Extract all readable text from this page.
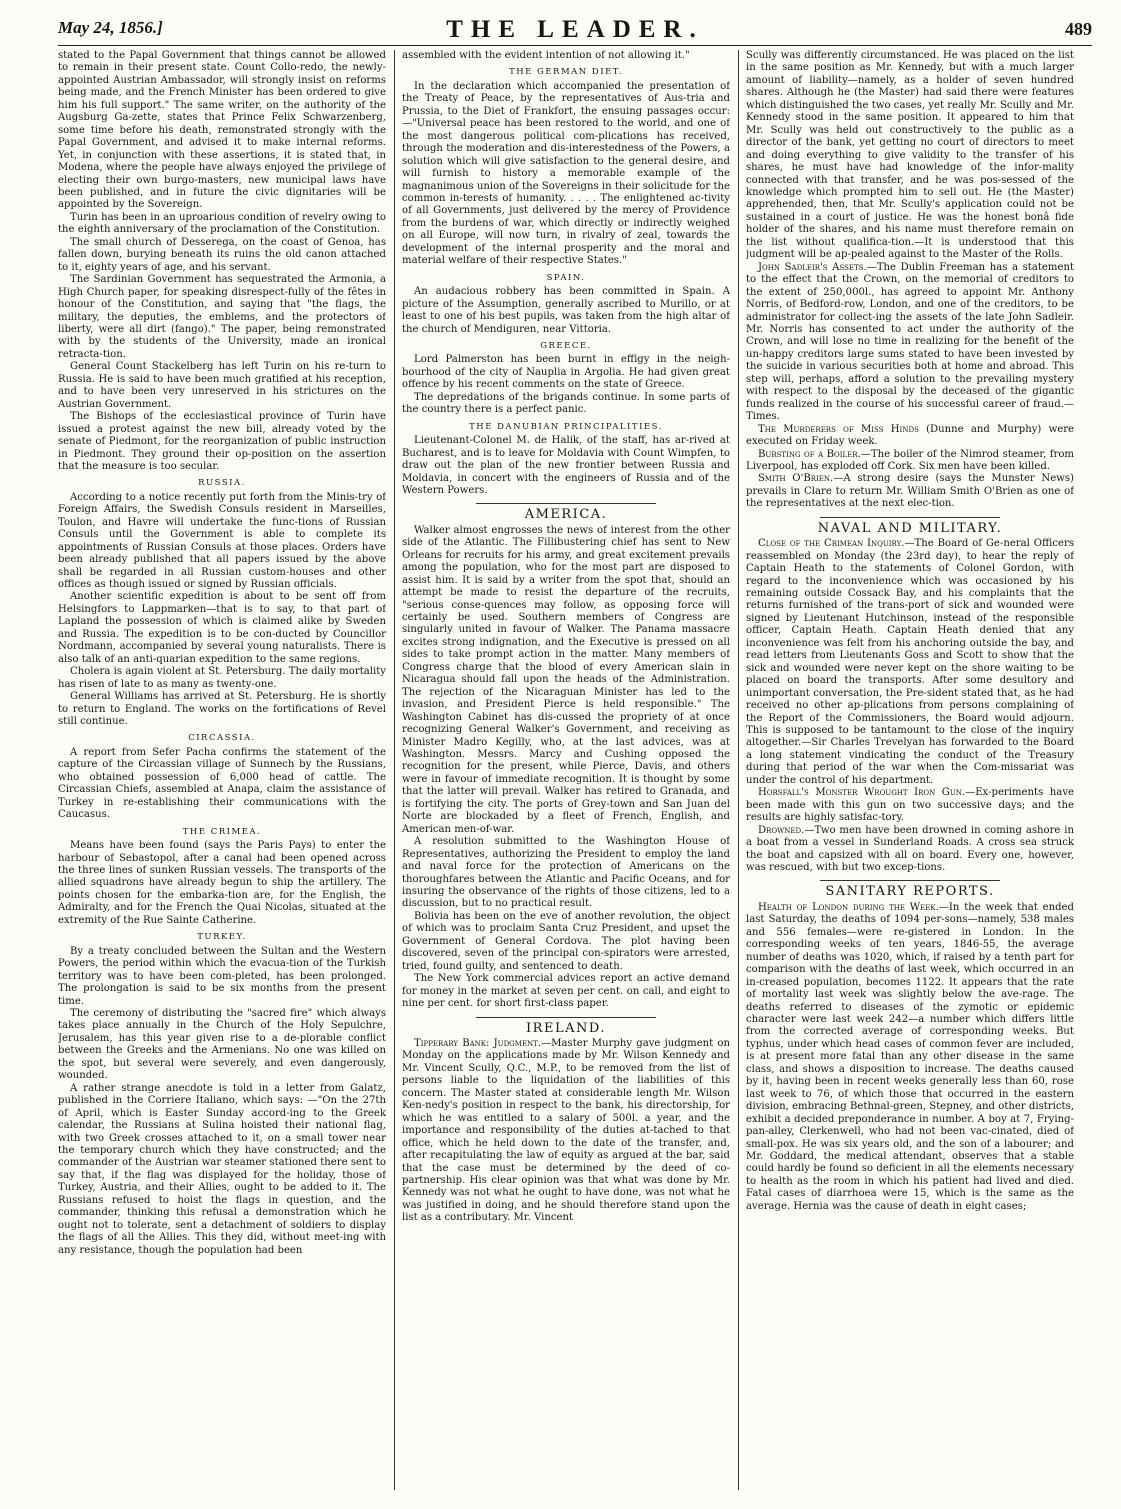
May 24, 1856.]	THE LEADER.	489

stated to the Papal Government that things cannot be allowed to remain in their present state. Count Collo-redo, the newly-appointed Austrian Ambassador, will strongly insist on reforms being made, and the French Minister has been ordered to give him his full support." The same writer, on the authority of the Augsburg Ga-zette, states that Prince Felix Schwarzenberg, some time before his death, remonstrated strongly with the Papal Government, and advised it to make internal reforms. Yet, in conjunction with these assertions, it is stated that, in Modena, where the people have always enjoyed the privilege of electing their own burgo-masters, new municipal laws have been published, and in future the civic dignitaries will be appointed by the Sovereign.

Turin has been in an uproarious condition of revelry owing to the eighth anniversary of the proclamation of the Constitution.

The small church of Desserega, on the coast of Genoa, has fallen down, burying beneath its ruins the old canon attached to it, eighty years of age, and his servant.

The Sardinian Government has sequestrated the Armonia, a High Church paper, for speaking disrespect-fully of the fêtes in honour of the Constitution, and saying that "the flags, the military, the deputies, the emblems, and the protectors of liberty, were all dirt (fango)." The paper, being remonstrated with by the students of the University, made an ironical retracta-tion.

General Count Stackelberg has left Turin on his re-turn to Russia. He is said to have been much gratified at his reception, and to have been very unreserved in his strictures on the Austrian Government.

The Bishops of the ecclesiastical province of Turin have issued a protest against the new bill, already voted by the senate of Piedmont, for the reorganization of public instruction in Piedmont. They ground their op-position on the assertion that the measure is too secular.

RUSSIA.

According to a notice recently put forth from the Minis-try of Foreign Affairs, the Swedish Consuls resident in Marseilles, Toulon, and Havre will undertake the func-tions of Russian Consuls until the Government is able to complete its appointments of Russian Consuls at those places. Orders have been already published that all papers issued by the above shall be regarded in all Russian custom-houses and other offices as though issued or signed by Russian officials.

Another scientific expedition is about to be sent off from Helsingfors to Lappmarken—that is to say, to that part of Lapland the possession of which is claimed alike by Sweden and Russia. The expedition is to be con-ducted by Councillor Nordmann, accompanied by several young naturalists. There is also talk of an anti-quarian expedition to the same regions.

Cholera is again violent at St. Petersburg. The daily mortality has risen of late to as many as twenty-one.

General Williams has arrived at St. Petersburg. He is shortly to return to England. The works on the fortifications of Revel still continue.

CIRCASSIA.

A report from Sefer Pacha confirms the statement of the capture of the Circassian village of Sunnech by the Russians, who obtained possession of 6,000 head of cattle. The Circassian Chiefs, assembled at Anapa, claim the assistance of Turkey in re-establishing their communications with the Caucasus.

THE CRIMEA.

Means have been found (says the Paris Pays) to enter the harbour of Sebastopol, after a canal had been opened across the three lines of sunken Russian vessels. The transports of the allied squadrons have already begun to ship the artillery. The points chosen for the embarka-tion are, for the English, the Admiralty, and for the French the Quai Nicolas, situated at the extremity of the Rue Sainte Catherine.

TURKEY.

By a treaty concluded between the Sultan and the Western Powers, the period within which the evacua-tion of the Turkish territory was to have been com-pleted, has been prolonged. The prolongation is said to be six months from the present time.

The ceremony of distributing the "sacred fire" which always takes place annually in the Church of the Holy Sepulchre, Jerusalem, has this year given rise to a de-plorable conflict between the Greeks and the Armenians. No one was killed on the spot, but several were severely, and even dangerously, wounded.

A rather strange anecdote is told in a letter from Galatz, published in the Corriere Italiano, which says: —"On the 27th of April, which is Easter Sunday accord-ing to the Greek calendar, the Russians at Sulina hoisted their national flag, with two Greek crosses attached to it, on a small tower near the temporary church which they have constructed; and the commander of the Austrian war steamer stationed there sent to say that, if the flag was displayed for the holiday, those of Turkey, Austria, and their Allies, ought to be added to it. The Russians refused to hoist the flags in question, and the commander, thinking this refusal a demonstration which he ought not to tolerate, sent a detachment of soldiers to display the flags of all the Allies. This they did, without meet-ing with any resistance, though the population had been

assembled with the evident intention of not allowing it."

THE GERMAN DIET.

In the declaration which accompanied the presentation of the Treaty of Peace, by the representatives of Aus-tria and Prussia, to the Diet of Frankfort, the ensuing passages occur:—"Universal peace has been restored to the world, and one of the most dangerous political com-plications has received, through the moderation and dis-interestedness of the Powers, a solution which will give satisfaction to the general desire, and will furnish to history a memorable example of the magnanimous union of the Sovereigns in their solicitude for the common in-terests of humanity. . . . . The enlightened ac-tivity of all Governments, just delivered by the mercy of Providence from the burdens of war, which directly or indirectly weighed on all Europe, will now turn, in rivalry of zeal, towards the development of the internal prosperity and the moral and material welfare of their respective States."

SPAIN.

An audacious robbery has been committed in Spain. A picture of the Assumption, generally ascribed to Murillo, or at least to one of his best pupils, was taken from the high altar of the church of Mendiguren, near Vittoria.

GREECE.

Lord Palmerston has been burnt in effigy in the neigh-bourhood of the city of Nauplia in Argolia. He had given great offence by his recent comments on the state of Greece.

The depredations of the brigands continue. In some parts of the country there is a perfect panic.

THE DANUBIAN PRINCIPALITIES.

Lieutenant-Colonel M. de Halik, of the staff, has ar-rived at Bucharest, and is to leave for Moldavia with Count Wimpfen, to draw out the plan of the new frontier between Russia and Moldavia, in concert with the engineers of Russia and of the Western Powers.

AMERICA.

Walker almost engrosses the news of interest from the other side of the Atlantic. The Fillibustering chief has sent to New Orleans for recruits for his army, and great excitement prevails among the population, who for the most part are disposed to assist him. It is said by a writer from the spot that, should an attempt be made to resist the departure of the recruits, "serious conse-quences may follow, as opposing force will certainly be used. Southern members of Congress are singularly united in favour of Walker. The Panama massacre excites strong indignation, and the Executive is pressed on all sides to take prompt action in the matter. Many members of Congress charge that the blood of every American slain in Nicaragua should fall upon the heads of the Administration. The rejection of the Nicaraguan Minister has led to the invasion, and President Pierce is held responsible." The Washington Cabinet has dis-cussed the propriety of at once recognizing General Walker's Government, and receiving as Minister Madro Kegilly, who, at the last advices, was at Washington. Messrs. Marcy and Cushing opposed the recognition for the present, while Pierce, Davis, and others were in favour of immediate recognition. It is thought by some that the latter will prevail. Walker has retired to Granada, and is fortifying the city. The ports of Grey-town and San Juan del Norte are blockaded by a fleet of French, English, and American men-of-war.

A resolution submitted to the Washington House of Representatives, authorizing the President to employ the land and naval force for the protection of Americans on the thoroughfares between the Atlantic and Pacific Oceans, and for insuring the observance of the rights of those citizens, led to a discussion, but to no practical result.

Bolivia has been on the eve of another revolution, the object of which was to proclaim Santa Cruz President, and upset the Government of General Cordova. The plot having been discovered, seven of the principal con-spirators were arrested, tried, found guilty, and sentenced to death.

The New York commercial advices report an active demand for money in the market at seven per cent. on call, and eight to nine per cent. for short first-class paper.

IRELAND.

Tipperary Bank: Judgment.—Master Murphy gave judgment on Monday on the applications made by Mr. Wilson Kennedy and Mr. Vincent Scully, Q.C., M.P., to be removed from the list of persons liable to the liquidation of the liabilities of this concern. The Master stated at considerable length Mr. Wilson Ken-nedy's position in respect to the bank, his directorship, for which he was entitled to a salary of 500l. a year, and the importance and responsibility of the duties at-tached to that office, which he held down to the date of the transfer, and, after recapitulating the law of equity as argued at the bar, said that the case must be determined by the deed of co-partnership. His clear opinion was that what was done by Mr. Kennedy was not what he ought to have done, was not what he was justified in doing, and he should therefore stand upon the list as a contributary. Mr. Vincent

Scully was differently circumstanced. He was placed on the list in the same position as Mr. Kennedy, but with a much larger amount of liability—namely, as a holder of seven hundred shares. Although he (the Master) had said there were features which distinguished the two cases, yet really Mr. Scully and Mr. Kennedy stood in the same position. It appeared to him that Mr. Scully was held out constructively to the public as a director of the bank, yet getting no court of directors to meet and doing everything to give validity to the transfer of his shares, he must have had knowledge of the infor-mality connected with that transfer, and he was pos-sessed of the knowledge which prompted him to sell out. He (the Master) apprehended, then, that Mr. Scully's application could not be sustained in a court of justice. He was the honest bonâ fide holder of the shares, and his name must therefore remain on the list without qualifica-tion.—It is understood that this judgment will be ap-pealed against to the Master of the Rolls.

John Sadleir's Assets.—The Dublin Freeman has a statement to the effect that the Crown, on the memorial of creditors to the extent of 250,000l., has agreed to appoint Mr. Anthony Norris, of Bedford-row, London, and one of the creditors, to be administrator for collect-ing the assets of the late John Sadleir. Mr. Norris has consented to act under the authority of the Crown, and will lose no time in realizing for the benefit of the un-happy creditors large sums stated to have been invested by the suicide in various securities both at home and abroad. This step will, perhaps, afford a solution to the prevailing mystery with respect to the disposal by the deceased of the gigantic funds realized in the course of his successful career of fraud.—Times.

The Murderers of Miss Hinds (Dunne and Murphy) were executed on Friday week.

Bursting of a Boiler.—The boiler of the Nimrod steamer, from Liverpool, has exploded off Cork. Six men have been killed.

Smith O'Brien.—A strong desire (says the Munster News) prevails in Clare to return Mr. William Smith O'Brien as one of the representatives at the next elec-tion.

NAVAL AND MILITARY.

Close of the Crimean Inquiry.—The Board of Ge-neral Officers reassembled on Monday (the 23rd day), to hear the reply of Captain Heath to the statements of Colonel Gordon, with regard to the inconvenience which was occasioned by his remaining outside Cossack Bay, and his complaints that the returns furnished of the trans-port of sick and wounded were signed by Lieutenant Hutchinson, instead of the responsible officer, Captain Heath. Captain Heath denied that any inconvenience was felt from his anchoring outside the bay, and read letters from Lieutenants Goss and Scott to show that the sick and wounded were never kept on the shore waiting to be placed on board the transports. After some desultory and unimportant conversation, the Pre-sident stated that, as he had received no other ap-plications from persons complaining of the Report of the Commissioners, the Board would adjourn. This is supposed to be tantamount to the close of the inquiry altogether.—Sir Charles Trevelyan has forwarded to the Board a long statement vindicating the conduct of the Treasury during that period of the war when the Com-missariat was under the control of his department.

Horsfall's Monster Wrought Iron Gun.—Ex-periments have been made with this gun on two successive days; and the results are highly satisfac-tory.

Drowned.—Two men have been drowned in coming ashore in a boat from a vessel in Sunderland Roads. A cross sea struck the boat and capsized with all on board. Every one, however, was rescued, with but two excep-tions.

SANITARY REPORTS.

Health of London during the Week.—In the week that ended last Saturday, the deaths of 1094 per-sons—namely, 538 males and 556 females—were re-gistered in London. In the corresponding weeks of ten years, 1846-55, the average number of deaths was 1020, which, if raised by a tenth part for comparison with the deaths of last week, which occurred in an in-creased population, becomes 1122. It appears that the rate of mortality last week was slightly below the ave-rage. The deaths referred to diseases of the zymotic or epidemic character were last week 242—a number which differs little from the corrected average of corresponding weeks. But typhus, under which head cases of common fever are included, is at present more fatal than any other disease in the same class, and shows a disposition to increase. The deaths caused by it, having been in recent weeks generally less than 60, rose last week to 76, of which those that occurred in the eastern division, embracing Bethnal-green, Stepney, and other districts, exhibit a decided preponderance in number. A boy at 7, Frying-pan-alley, Clerkenwell, who had not been vac-cinated, died of small-pox. He was six years old, and the son of a labourer; and Mr. Goddard, the medical attendant, observes that a stable could hardly be found so deficient in all the elements necessary to health as the room in which his patient had lived and died. Fatal cases of diarrhoea were 15, which is the same as the average. Hernia was the cause of death in eight cases;
